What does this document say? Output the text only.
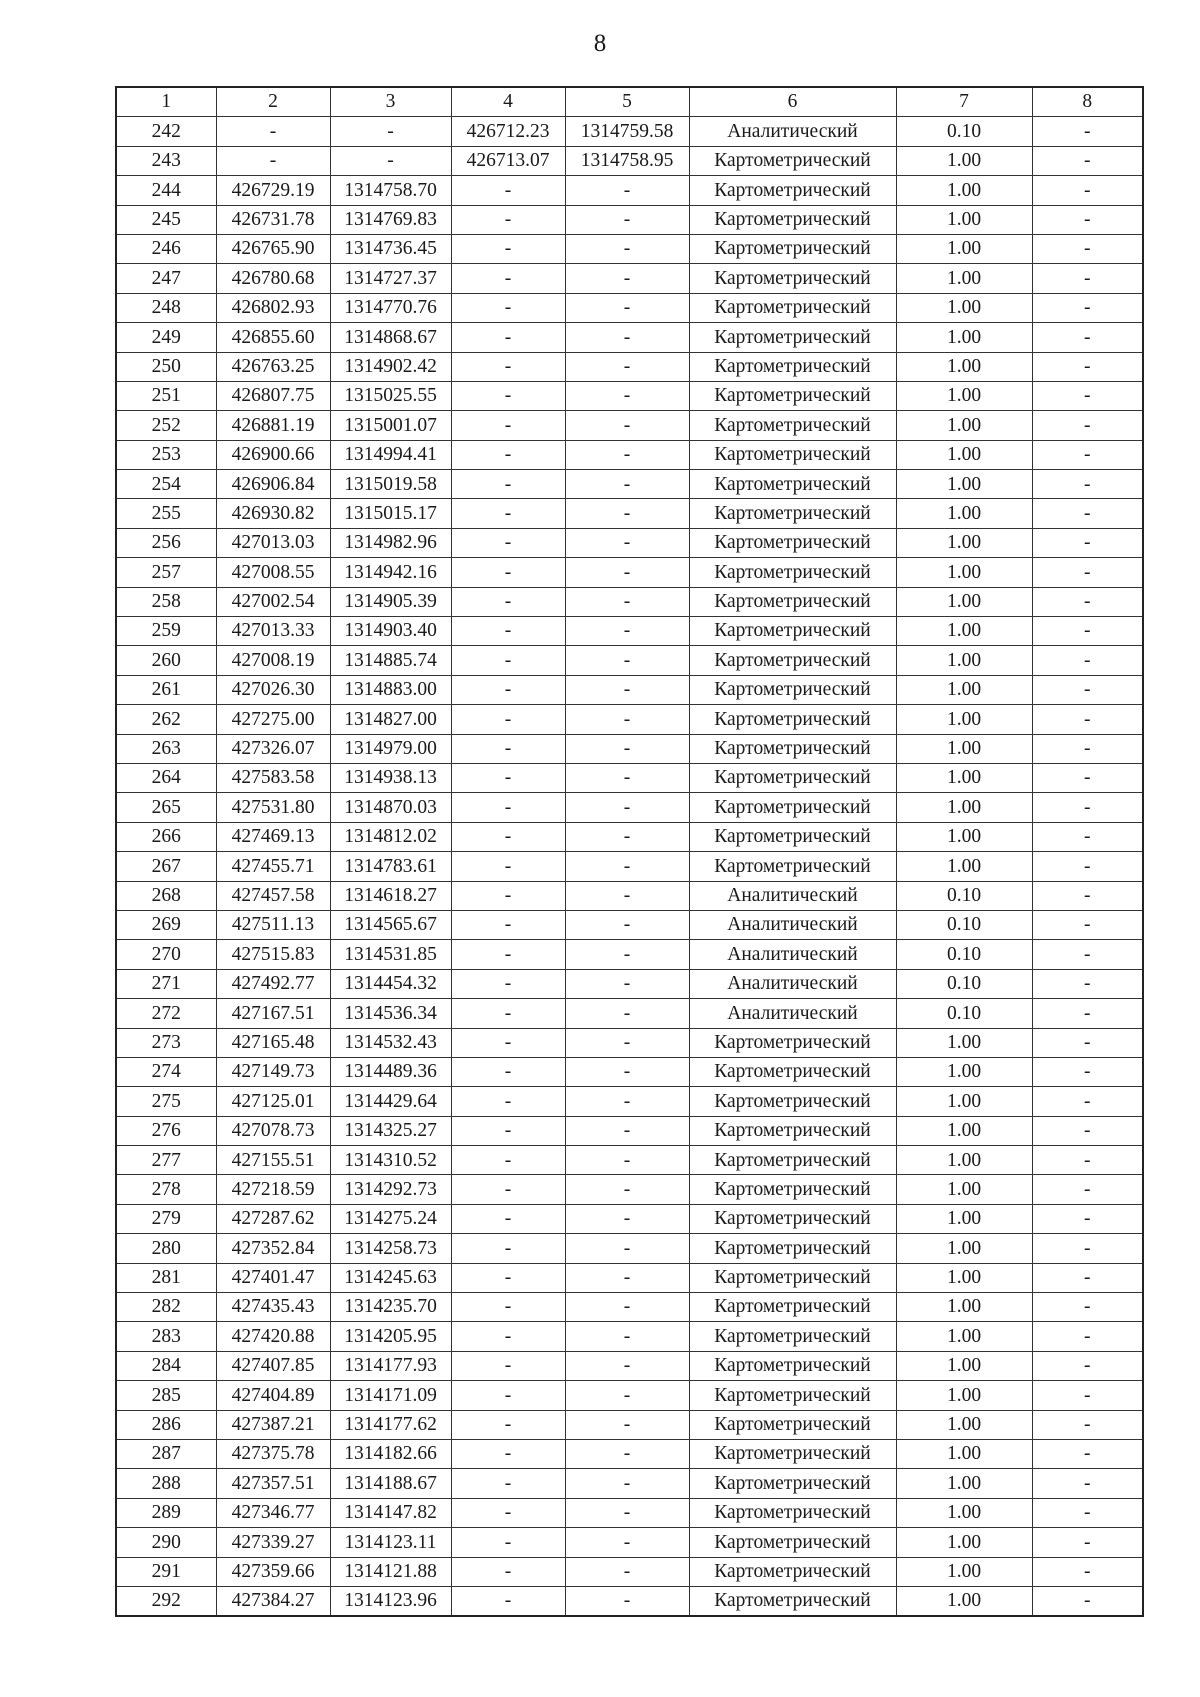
8
1	2	3	4	5	6	7	8
242	-	-	426712.23	1314759.58	Аналитический	0.10	-
243	-	-	426713.07	1314758.95	Картометрический	1.00	-
244	426729.19	1314758.70	-	-	Картометрический	1.00	-
245	426731.78	1314769.83	-	-	Картометрический	1.00	-
246	426765.90	1314736.45	-	-	Картометрический	1.00	-
247	426780.68	1314727.37	-	-	Картометрический	1.00	-
248	426802.93	1314770.76	-	-	Картометрический	1.00	-
249	426855.60	1314868.67	-	-	Картометрический	1.00	-
250	426763.25	1314902.42	-	-	Картометрический	1.00	-
251	426807.75	1315025.55	-	-	Картометрический	1.00	-
252	426881.19	1315001.07	-	-	Картометрический	1.00	-
253	426900.66	1314994.41	-	-	Картометрический	1.00	-
254	426906.84	1315019.58	-	-	Картометрический	1.00	-
255	426930.82	1315015.17	-	-	Картометрический	1.00	-
256	427013.03	1314982.96	-	-	Картометрический	1.00	-
257	427008.55	1314942.16	-	-	Картометрический	1.00	-
258	427002.54	1314905.39	-	-	Картометрический	1.00	-
259	427013.33	1314903.40	-	-	Картометрический	1.00	-
260	427008.19	1314885.74	-	-	Картометрический	1.00	-
261	427026.30	1314883.00	-	-	Картометрический	1.00	-
262	427275.00	1314827.00	-	-	Картометрический	1.00	-
263	427326.07	1314979.00	-	-	Картометрический	1.00	-
264	427583.58	1314938.13	-	-	Картометрический	1.00	-
265	427531.80	1314870.03	-	-	Картометрический	1.00	-
266	427469.13	1314812.02	-	-	Картометрический	1.00	-
267	427455.71	1314783.61	-	-	Картометрический	1.00	-
268	427457.58	1314618.27	-	-	Аналитический	0.10	-
269	427511.13	1314565.67	-	-	Аналитический	0.10	-
270	427515.83	1314531.85	-	-	Аналитический	0.10	-
271	427492.77	1314454.32	-	-	Аналитический	0.10	-
272	427167.51	1314536.34	-	-	Аналитический	0.10	-
273	427165.48	1314532.43	-	-	Картометрический	1.00	-
274	427149.73	1314489.36	-	-	Картометрический	1.00	-
275	427125.01	1314429.64	-	-	Картометрический	1.00	-
276	427078.73	1314325.27	-	-	Картометрический	1.00	-
277	427155.51	1314310.52	-	-	Картометрический	1.00	-
278	427218.59	1314292.73	-	-	Картометрический	1.00	-
279	427287.62	1314275.24	-	-	Картометрический	1.00	-
280	427352.84	1314258.73	-	-	Картометрический	1.00	-
281	427401.47	1314245.63	-	-	Картометрический	1.00	-
282	427435.43	1314235.70	-	-	Картометрический	1.00	-
283	427420.88	1314205.95	-	-	Картометрический	1.00	-
284	427407.85	1314177.93	-	-	Картометрический	1.00	-
285	427404.89	1314171.09	-	-	Картометрический	1.00	-
286	427387.21	1314177.62	-	-	Картометрический	1.00	-
287	427375.78	1314182.66	-	-	Картометрический	1.00	-
288	427357.51	1314188.67	-	-	Картометрический	1.00	-
289	427346.77	1314147.82	-	-	Картометрический	1.00	-
290	427339.27	1314123.11	-	-	Картометрический	1.00	-
291	427359.66	1314121.88	-	-	Картометрический	1.00	-
292	427384.27	1314123.96	-	-	Картометрический	1.00	-
